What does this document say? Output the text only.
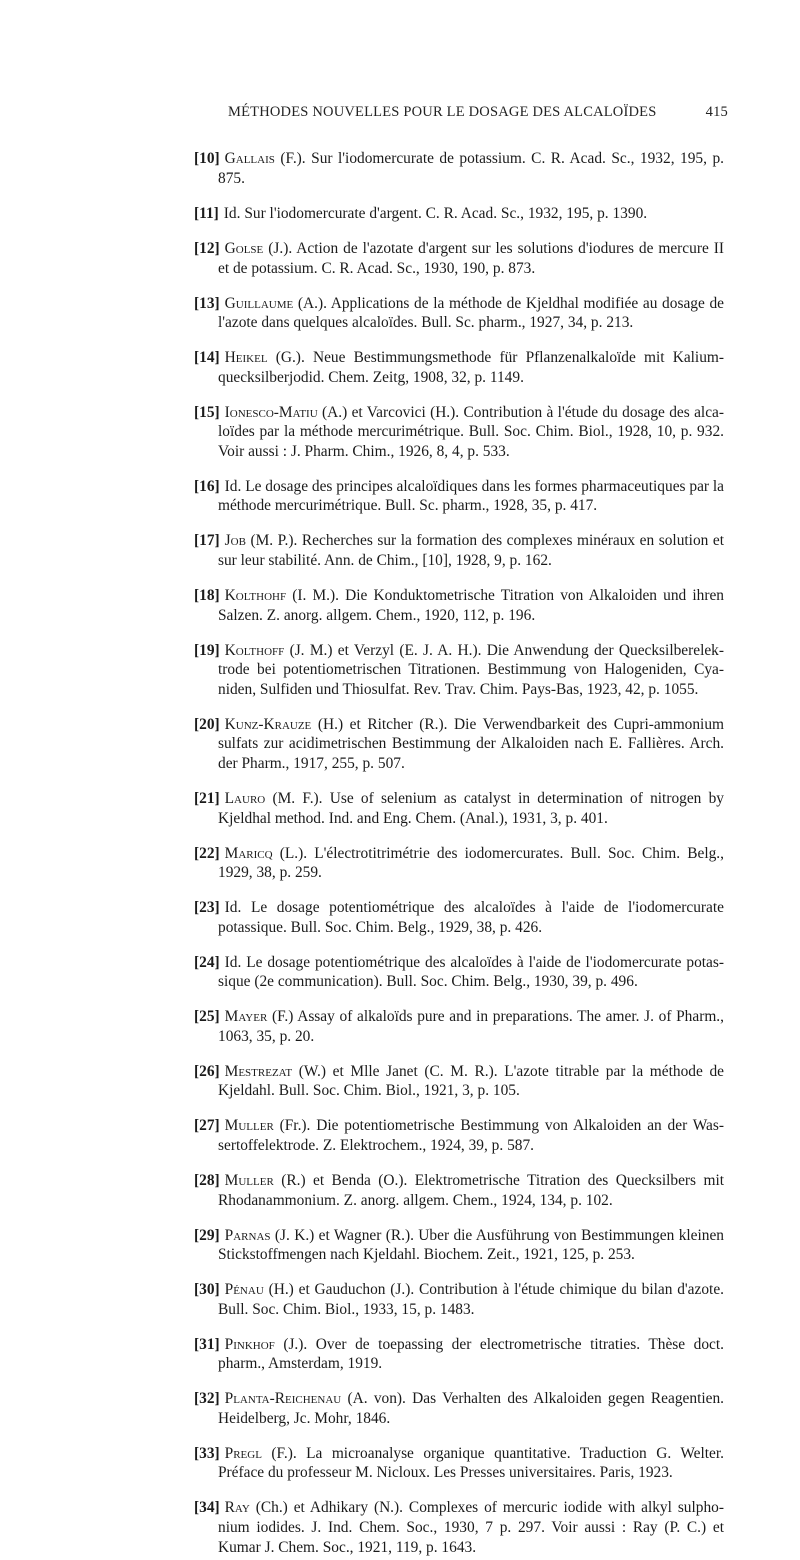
MÉTHODES NOUVELLES POUR LE DOSAGE DES ALCALOÏDES	415

[10] Gallais (F.). Sur l'iodomercurate de potassium. C. R. Acad. Sc., 1932, 195, p. 875.

[11] Id. Sur l'iodomercurate d'argent. C. R. Acad. Sc., 1932, 195, p. 1390.

[12] Golse (J.). Action de l'azotate d'argent sur les solutions d'iodures de mercure II et de potassium. C. R. Acad. Sc., 1930, 190, p. 873.

[13] Guillaume (A.). Applications de la méthode de Kjeldhal modifiée au dosage de l'azote dans quelques alcaloïdes. Bull. Sc. pharm., 1927, 34, p. 213.

[14] Heikel (G.). Neue Bestimmungsmethode für Pflanzenalkaloïde mit Kalium-quecksilberjodid. Chem. Zeitg, 1908, 32, p. 1149.

[15] Ionesco-Matiu (A.) et Varcovici (H.). Contribution à l'étude du dosage des alca-loïdes par la méthode mercurimétrique. Bull. Soc. Chim. Biol., 1928, 10, p. 932. Voir aussi : J. Pharm. Chim., 1926, 8, 4, p. 533.

[16] Id. Le dosage des principes alcaloïdiques dans les formes pharmaceutiques par la méthode mercurimétrique. Bull. Sc. pharm., 1928, 35, p. 417.

[17] Job (M. P.). Recherches sur la formation des complexes minéraux en solution et sur leur stabilité. Ann. de Chim., [10], 1928, 9, p. 162.

[18] Kolthohf (I. M.). Die Konduktometrische Titration von Alkaloiden und ihren Salzen. Z. anorg. allgem. Chem., 1920, 112, p. 196.

[19] Kolthoff (J. M.) et Verzyl (E. J. A. H.). Die Anwendung der Quecksilberelek-trode bei potentiometrischen Titrationen. Bestimmung von Halogeniden, Cya-niden, Sulfiden und Thiosulfat. Rev. Trav. Chim. Pays-Bas, 1923, 42, p. 1055.

[20] Kunz-Krauze (H.) et Ritcher (R.). Die Verwendbarkeit des Cupri-ammonium sulfats zur acidimetrischen Bestimmung der Alkaloiden nach E. Fallières. Arch. der Pharm., 1917, 255, p. 507.

[21] Lauro (M. F.). Use of selenium as catalyst in determination of nitrogen by Kjeldhal method. Ind. and Eng. Chem. (Anal.), 1931, 3, p. 401.

[22] Maricq (L.). L'électrotitrimétrie des iodomercurates. Bull. Soc. Chim. Belg., 1929, 38, p. 259.

[23] Id. Le dosage potentiométrique des alcaloïdes à l'aide de l'iodomercurate potassique. Bull. Soc. Chim. Belg., 1929, 38, p. 426.

[24] Id. Le dosage potentiométrique des alcaloïdes à l'aide de l'iodomercurate potas-sique (2e communication). Bull. Soc. Chim. Belg., 1930, 39, p. 496.

[25] Mayer (F.) Assay of alkaloïds pure and in preparations. The amer. J. of Pharm., 1063, 35, p. 20.

[26] Mestrezat (W.) et Mlle Janet (C. M. R.). L'azote titrable par la méthode de Kjeldahl. Bull. Soc. Chim. Biol., 1921, 3, p. 105.

[27] Muller (Fr.). Die potentiometrische Bestimmung von Alkaloiden an der Was-sertoffelektrode. Z. Elektrochem., 1924, 39, p. 587.

[28] Muller (R.) et Benda (O.). Elektrometrische Titration des Quecksilbers mit Rhodanammonium. Z. anorg. allgem. Chem., 1924, 134, p. 102.

[29] Parnas (J. K.) et Wagner (R.). Uber die Ausführung von Bestimmungen kleinen Stickstoffmengen nach Kjeldahl. Biochem. Zeit., 1921, 125, p. 253.

[30] Pénau (H.) et Gauduchon (J.). Contribution à l'étude chimique du bilan d'azote. Bull. Soc. Chim. Biol., 1933, 15, p. 1483.

[31] Pinkhof (J.). Over de toepassing der electrometrische titraties. Thèse doct. pharm., Amsterdam, 1919.

[32] Planta-Reichenau (A. von). Das Verhalten des Alkaloiden gegen Reagentien. Heidelberg, Jc. Mohr, 1846.

[33] Pregl (F.). La microanalyse organique quantitative. Traduction G. Welter. Préface du professeur M. Nicloux. Les Presses universitaires. Paris, 1923.

[34] Ray (Ch.) et Adhikary (N.). Complexes of mercuric iodide with alkyl sulpho-nium iodides. J. Ind. Chem. Soc., 1930, 7 p. 297. Voir aussi : Ray (P. C.) et Kumar J. Chem. Soc., 1921, 119, p. 1643.
